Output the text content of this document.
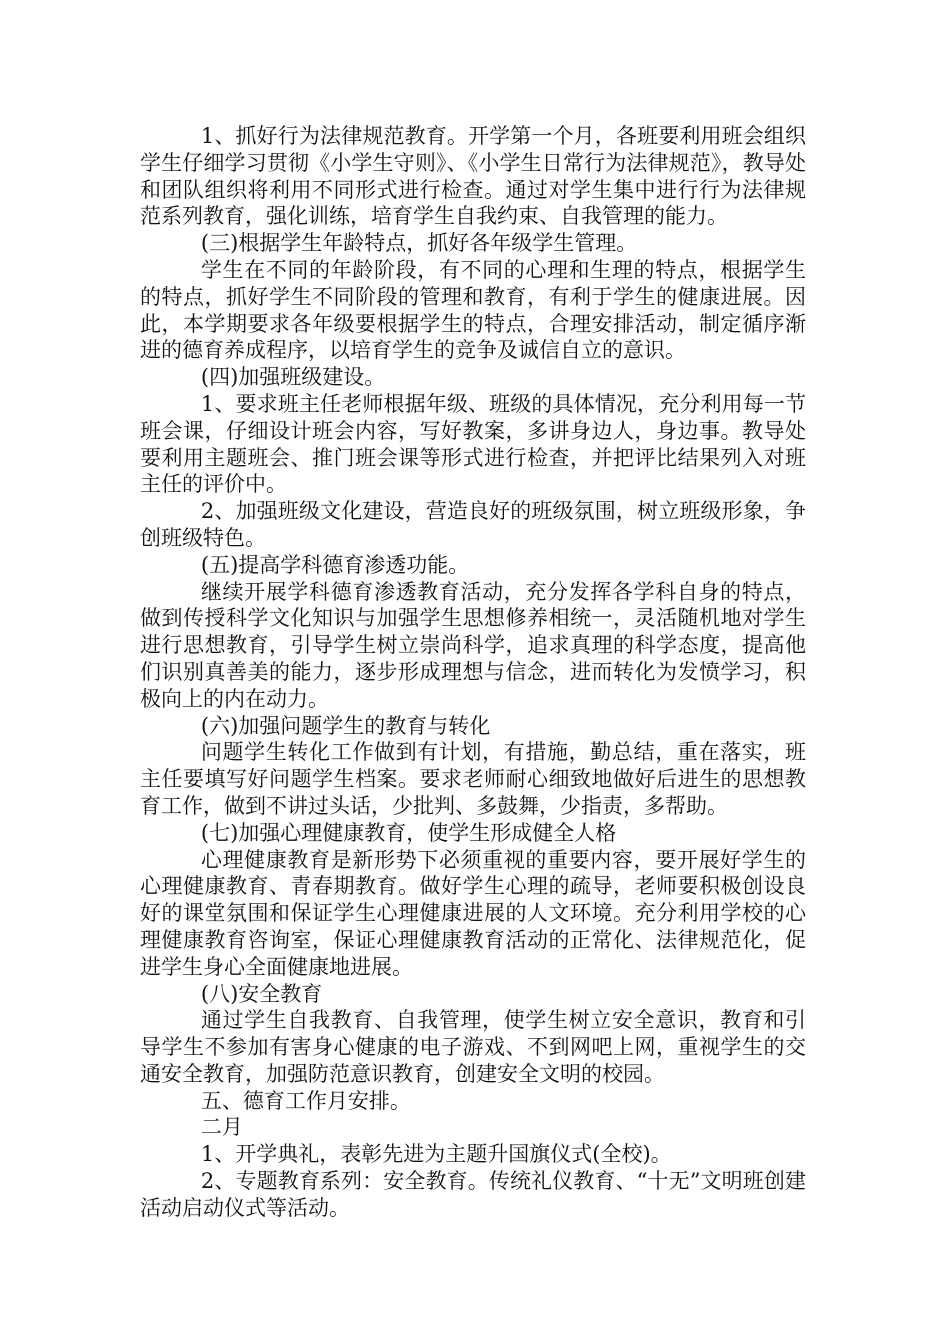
1、抓好行为法律规范教育。开学第一个月，各班要利用班会组织学生仔细学习贯彻《小学生守则》、《小学生日常行为法律规范》，教导处和团队组织将利用不同形式进行检查。通过对学生集中进行行为法律规范系列教育，强化训练，培育学生自我约束、自我管理的能力。

(三)根据学生年龄特点，抓好各年级学生管理。

学生在不同的年龄阶段，有不同的心理和生理的特点，根据学生的特点，抓好学生不同阶段的管理和教育，有利于学生的健康进展。因此，本学期要求各年级要根据学生的特点，合理安排活动，制定循序渐进的德育养成程序，以培育学生的竞争及诚信自立的意识。

(四)加强班级建设。

1、要求班主任老师根据年级、班级的具体情况，充分利用每一节班会课，仔细设计班会内容，写好教案，多讲身边人，身边事。教导处要利用主题班会、推门班会课等形式进行检查，并把评比结果列入对班主任的评价中。

2、加强班级文化建设，营造良好的班级氛围，树立班级形象，争创班级特色。

(五)提高学科德育渗透功能。

继续开展学科德育渗透教育活动，充分发挥各学科自身的特点，做到传授科学文化知识与加强学生思想修养相统一，灵活随机地对学生进行思想教育，引导学生树立崇尚科学，追求真理的科学态度，提高他们识别真善美的能力，逐步形成理想与信念，进而转化为发愤学习，积极向上的内在动力。

(六)加强问题学生的教育与转化

问题学生转化工作做到有计划，有措施，勤总结，重在落实，班主任要填写好问题学生档案。要求老师耐心细致地做好后进生的思想教育工作，做到不讲过头话，少批判、多鼓舞，少指责，多帮助。

(七)加强心理健康教育，使学生形成健全人格

心理健康教育是新形势下必须重视的重要内容，要开展好学生的心理健康教育、青春期教育。做好学生心理的疏导，老师要积极创设良好的课堂氛围和保证学生心理健康进展的人文环境。充分利用学校的心理健康教育咨询室，保证心理健康教育活动的正常化、法律规范化，促进学生身心全面健康地进展。

(八)安全教育

通过学生自我教育、自我管理，使学生树立安全意识，教育和引导学生不参加有害身心健康的电子游戏、不到网吧上网，重视学生的交通安全教育，加强防范意识教育，创建安全文明的校园。

五、德育工作月安排。

二月

1、开学典礼，表彰先进为主题升国旗仪式(全校)。

2、专题教育系列：安全教育。传统礼仪教育、“十无”文明班创建活动启动仪式等活动。
